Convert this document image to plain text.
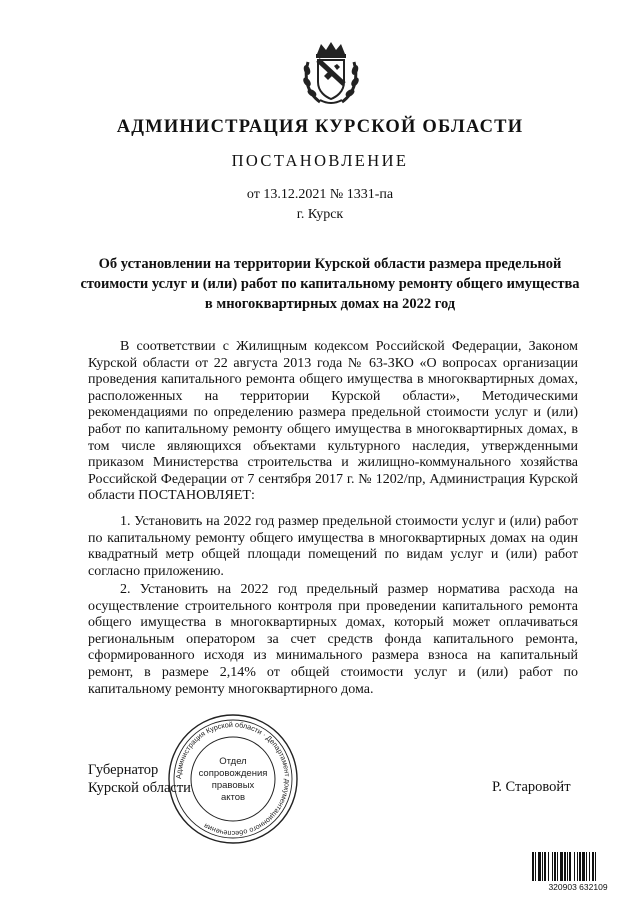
АДМИНИСТРАЦИЯ КУРСКОЙ ОБЛАСТИ
ПОСТАНОВЛЕНИЕ
от 13.12.2021 № 1331-па
г. Курск
Об установлении на территории Курской области размера предельной стоимости услуг и (или) работ по капитальному ремонту общего имущества в многоквартирных домах на 2022 год

В соответствии с Жилищным кодексом Российской Федерации, Законом Курской области от 22 августа 2013 года № 63-ЗКО «О вопросах организации проведения капитального ремонта общего имущества в многоквартирных домах, расположенных на территории Курской области», Методическими рекомендациями по определению размера предельной стоимости услуг и (или) работ по капитальному ремонту общего имущества в многоквартирных домах, в том числе являющихся объектами культурного наследия, утвержденными приказом Министерства строительства и жилищно-коммунального хозяйства Российской Федерации от 7 сентября 2017 г. № 1202/пр, Администрация Курской области ПОСТАНОВЛЯЕТ:

1. Установить на 2022 год размер предельной стоимости услуг и (или) работ по капитальному ремонту общего имущества в многоквартирных домах на один квадратный метр общей площади помещений по видам услуг и (или) работ согласно приложению.

2. Установить на 2022 год предельный размер норматива расхода на осуществление строительного контроля при проведении капитального ремонта общего имущества в многоквартирных домах, который может оплачиваться региональным оператором за счет средств фонда капитального ремонта, сформированного исходя из минимального размера взноса на капитальный ремонт, в размере 2,14% от общей стоимости услуг и (или) работ по капитальному ремонту многоквартирного дома.

Губернатор
Курской области	Р. Старовойт
Администрация Курской области · Департамент документационного обеспечения
Отдел
сопровождения
правовых
актов
320903 632109
